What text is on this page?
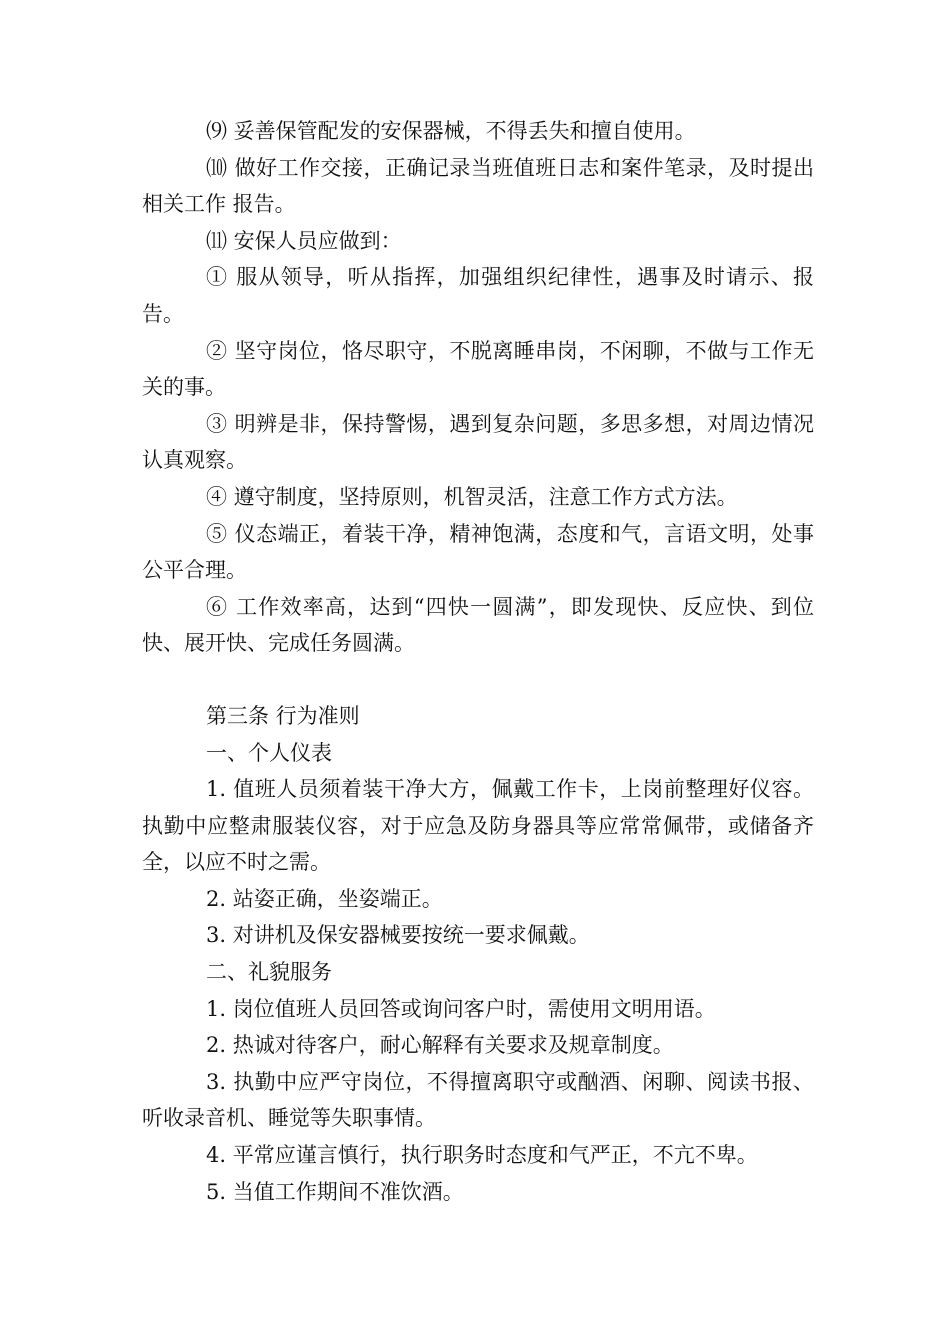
⑼ 妥善保管配发的安保器械，不得丢失和擅自使用。

⑽ 做好工作交接，正确记录当班值班日志和案件笔录，及时提出相关工作 报告。

⑾ 安保人员应做到：

① 服从领导，听从指挥，加强组织纪律性，遇事及时请示、报告。

② 坚守岗位，恪尽职守，不脱离睡串岗，不闲聊，不做与工作无关的事。

③ 明辨是非，保持警惕，遇到复杂问题，多思多想，对周边情况认真观察。

④ 遵守制度，坚持原则，机智灵活，注意工作方式方法。

⑤ 仪态端正，着装干净，精神饱满，态度和气，言语文明，处事公平合理。

⑥ 工作效率高，达到“四快一圆满”，即发现快、反应快、到位快、展开快、完成任务圆满。

第三条 行为准则

一、个人仪表

1. 值班人员须着装干净大方，佩戴工作卡，上岗前整理好仪容。执勤中应整肃服装仪容，对于应急及防身器具等应常常佩带，或储备齐全，以应不时之需。

2. 站姿正确，坐姿端正。

3. 对讲机及保安器械要按统一要求佩戴。

二、礼貌服务

1. 岗位值班人员回答或询问客户时，需使用文明用语。

2. 热诚对待客户，耐心解释有关要求及规章制度。

3. 执勤中应严守岗位，不得擅离职守或酗酒、闲聊、阅读书报、听收录音机、睡觉等失职事情。

4. 平常应谨言慎行，执行职务时态度和气严正，不亢不卑。

5. 当值工作期间不准饮酒。
